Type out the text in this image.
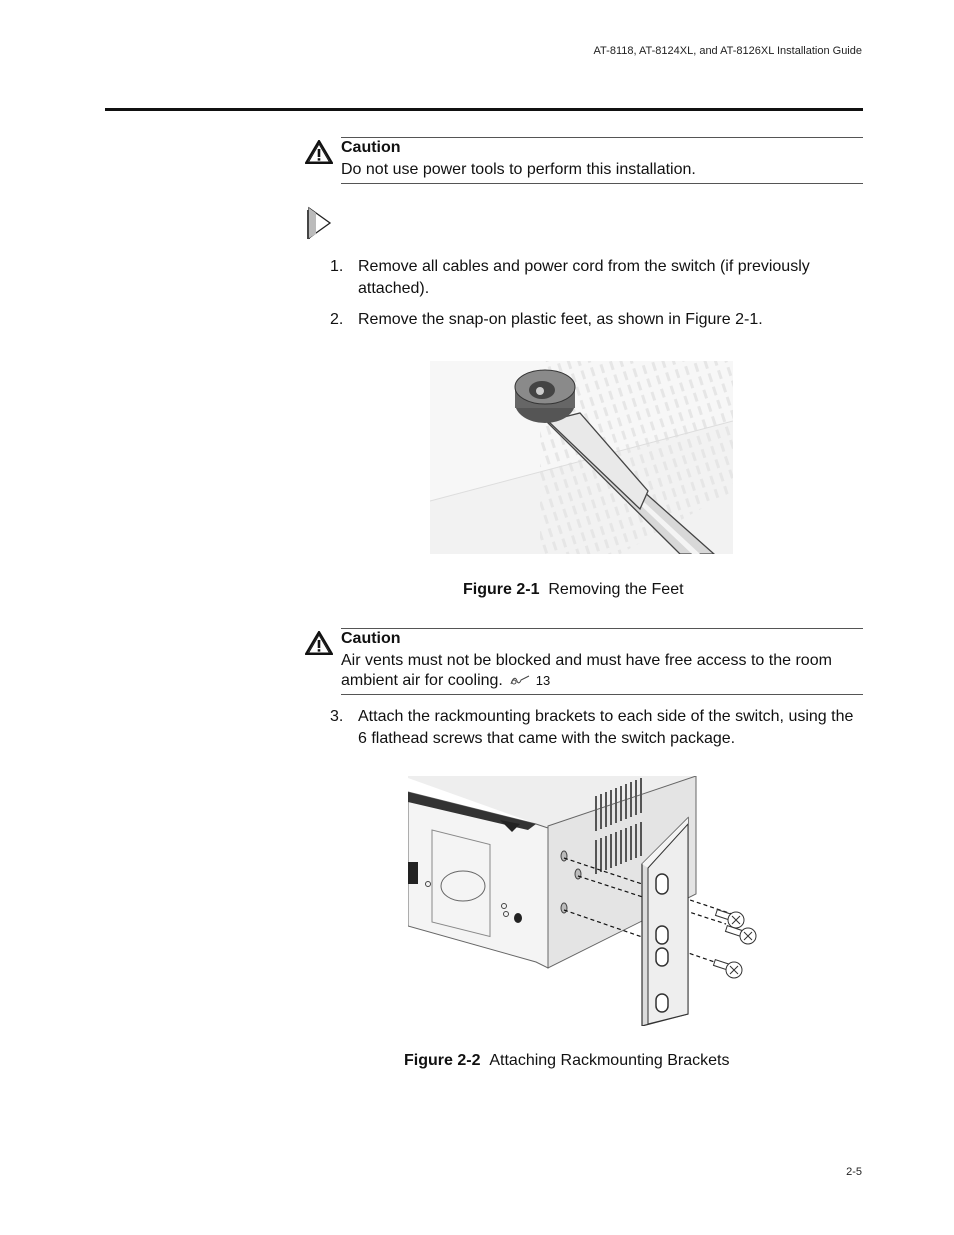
AT-8118, AT-8124XL, and AT-8126XL Installation Guide
Caution
Do not use power tools to perform this installation.
1. Remove all cables and power cord from the switch (if previously attached).
2. Remove the snap-on plastic feet, as shown in Figure 2-1.
Figure 2-1 Removing the Feet
Caution
Air vents must not be blocked and must have free access to the room ambient air for cooling.	13
3. Attach the rackmounting brackets to each side of the switch, using the 6 flathead screws that came with the switch package.
Figure 2-2 Attaching Rackmounting Brackets
2-5
